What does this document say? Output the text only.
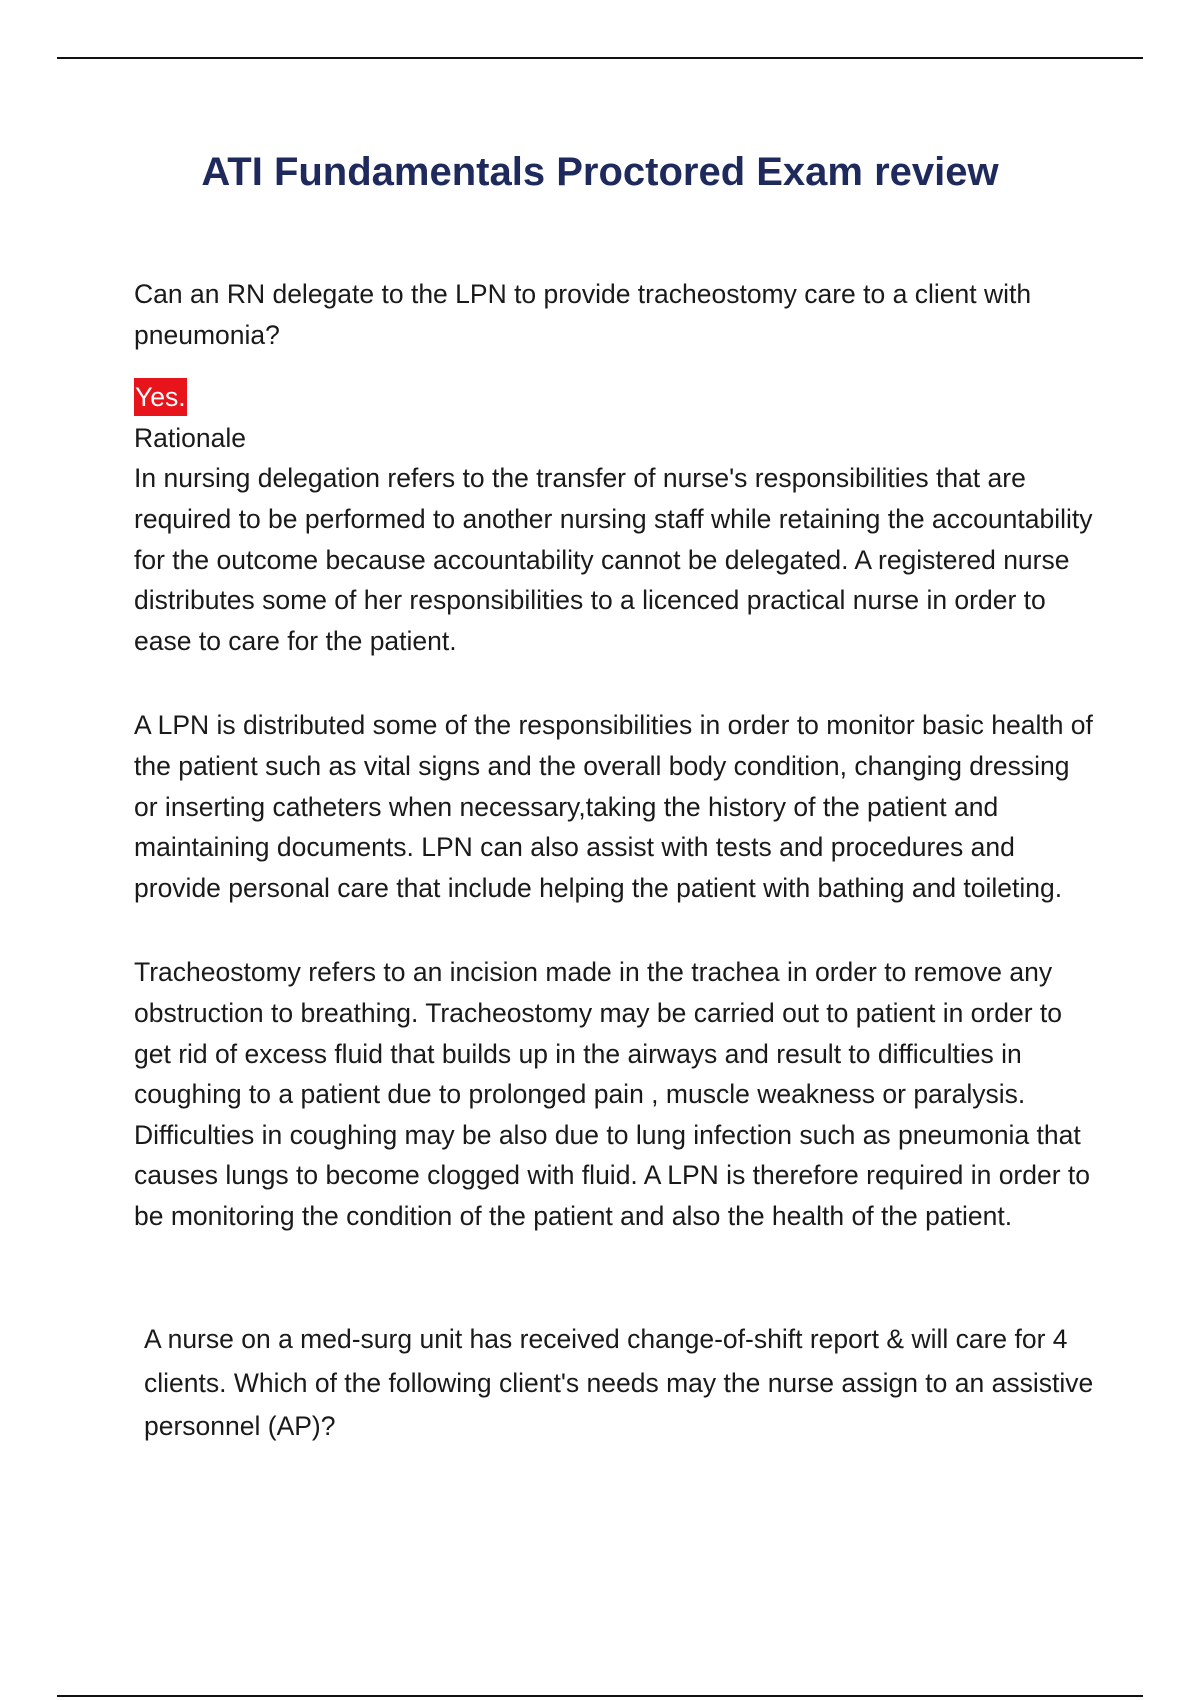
ATI Fundamentals Proctored Exam review

Can an RN delegate to the LPN to provide tracheostomy care to a client with pneumonia?

Yes.

Rationale

In nursing delegation refers to the transfer of nurse's responsibilities that are required to be performed to another nursing staff while retaining the accountability for the outcome because accountability cannot be delegated. A registered nurse distributes some of her responsibilities to a licenced practical nurse in order to ease to care for the patient.

A LPN is distributed some of the responsibilities in order to monitor basic health of the patient such as vital signs and the overall body condition, changing dressing or inserting catheters when necessary,taking the history of the patient and maintaining documents. LPN can also assist with tests and procedures and provide personal care that include helping the patient with bathing and toileting.

Tracheostomy refers to an incision made in the trachea in order to remove any obstruction to breathing. Tracheostomy may be carried out to patient in order to get rid of excess fluid that builds up in the airways and result to difficulties in coughing to a patient due to prolonged pain , muscle weakness or paralysis. Difficulties in coughing may be also due to lung infection such as pneumonia that causes lungs to become clogged with fluid. A LPN is therefore required in order to be monitoring the condition of the patient and also the health of the patient.

A nurse on a med-surg unit has received change-of-shift report & will care for 4 clients. Which of the following client's needs may the nurse assign to an assistive personnel (AP)?
